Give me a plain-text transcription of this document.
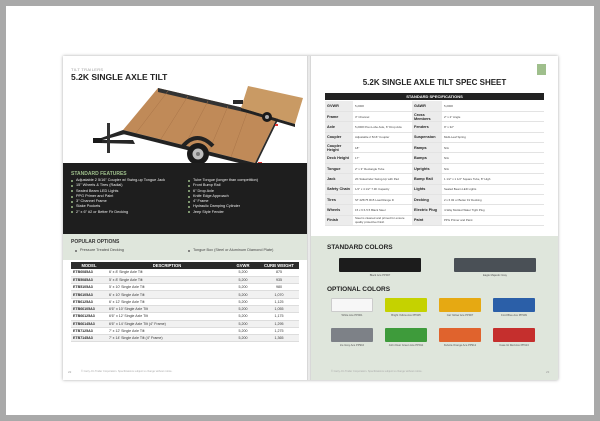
TILT TRAILERS
5.2K SINGLE AXLE TILT
STANDARD FEATURES
Adjustable 2 5/16" Coupler w/ Swing-up Tongue Jack
15" Wheels & Tires (Radial)
Sealed Beam LED Lights
PPG Primer and Paint
3" Channel Frame
Stake Pockets
2" x 6" #2 or Better Fir Decking
Tube Tongue (longer than competition)
Front Bump Rail
6" Drop Axle
Knife Edge Approach
4" Frame
Hydraulic Damping Cylinder
Jeep Style Fender
POPULAR OPTIONS
Pressure Treated Decking	Tongue Box (Steel or Aluminum Diamond Plate)
MODEL	DESCRIPTION	GVWR	CURB WEIGHT
ETB6085A3	6' x 8' Single Axle Tilt	5,200	875
ETB5085A3	5' x 8' Single Axle Tilt	5,200	935
ETB5105A3	5' x 10' Single Axle Tilt	5,200	980
ETB6105A3	6' x 10' Single Axle Tilt	5,200	1,070
ETB6125A3	6' x 12' Single Axle Tilt	5,200	1,125
ETB66105A3	6'6" x 10' Single Axle Tilt	5,200	1,055
ETB66125A3	6'6" x 12' Single Axle Tilt	5,200	1,175
ETB66145A3	6'6" x 14' Single Axle Tilt (4" Frame)	5,200	1,295
ETB7125A3	7' x 12' Single Axle Tilt	5,200	1,275
ETB7145A3	7' x 14' Single Axle Tilt (4" Frame)	5,200	1,365
22	© Carry-On Trailer Corporation. Specifications subject to change without notice.
5.2K SINGLE AXLE TILT SPEC SHEET
STANDARD SPECIFICATIONS
GVWR	5,200#	GAWR	5,200#
Frame	3" Channel	Cross Members	2" x 2" Angle
Axle	5,200# Prev-Lube Axle, 6" Drop Axle	Fenders	9" x 32"
Coupler	Adjustable 2 5/16" Coupler	Suspension	Multi-Leaf Spring
Coupler Height	18"	Ramps	N/A
Deck Height	17"	Bumps	N/A
Tongue	2" x 3" Rectangle Tube	Uprights	N/A
Jack	2K Sidewinder Swing-Up with Pad	Bump Rail	1 1/2" x 1 1/2" Square Tube, 8" High
Safety Chain	1/4" x 4 1/2" 7.3K Capacity	Lights	Sealed Beam LED Lights
Tires	ST 225/75 R15 Load Range D	Decking	2 x 6 #2 or Better Fir Decking
Wheels	15 x 6 6-5.5 Black Steel	Electric Plug	4-Way Molded Water Tight Plug
Finish	Steel is cleaned and primed for ensure quality protective finish	Paint	PPG Primer and Paint
STANDARD COLORS
Black Ace PP907	Eagle Majestic Gray
OPTIONAL COLORS
White Ace PP901	Bright Yellow Ace PP905	Cat Yellow Ace PP907	Ford Blue Ace PP909
Ice Grey Ace PP910	John Deer Green Ace PP911	Kubota Orange Ace PP912	Case IH Red Ace PP913
© Carry-On Trailer Corporation. Specifications subject to change without notice.	23
